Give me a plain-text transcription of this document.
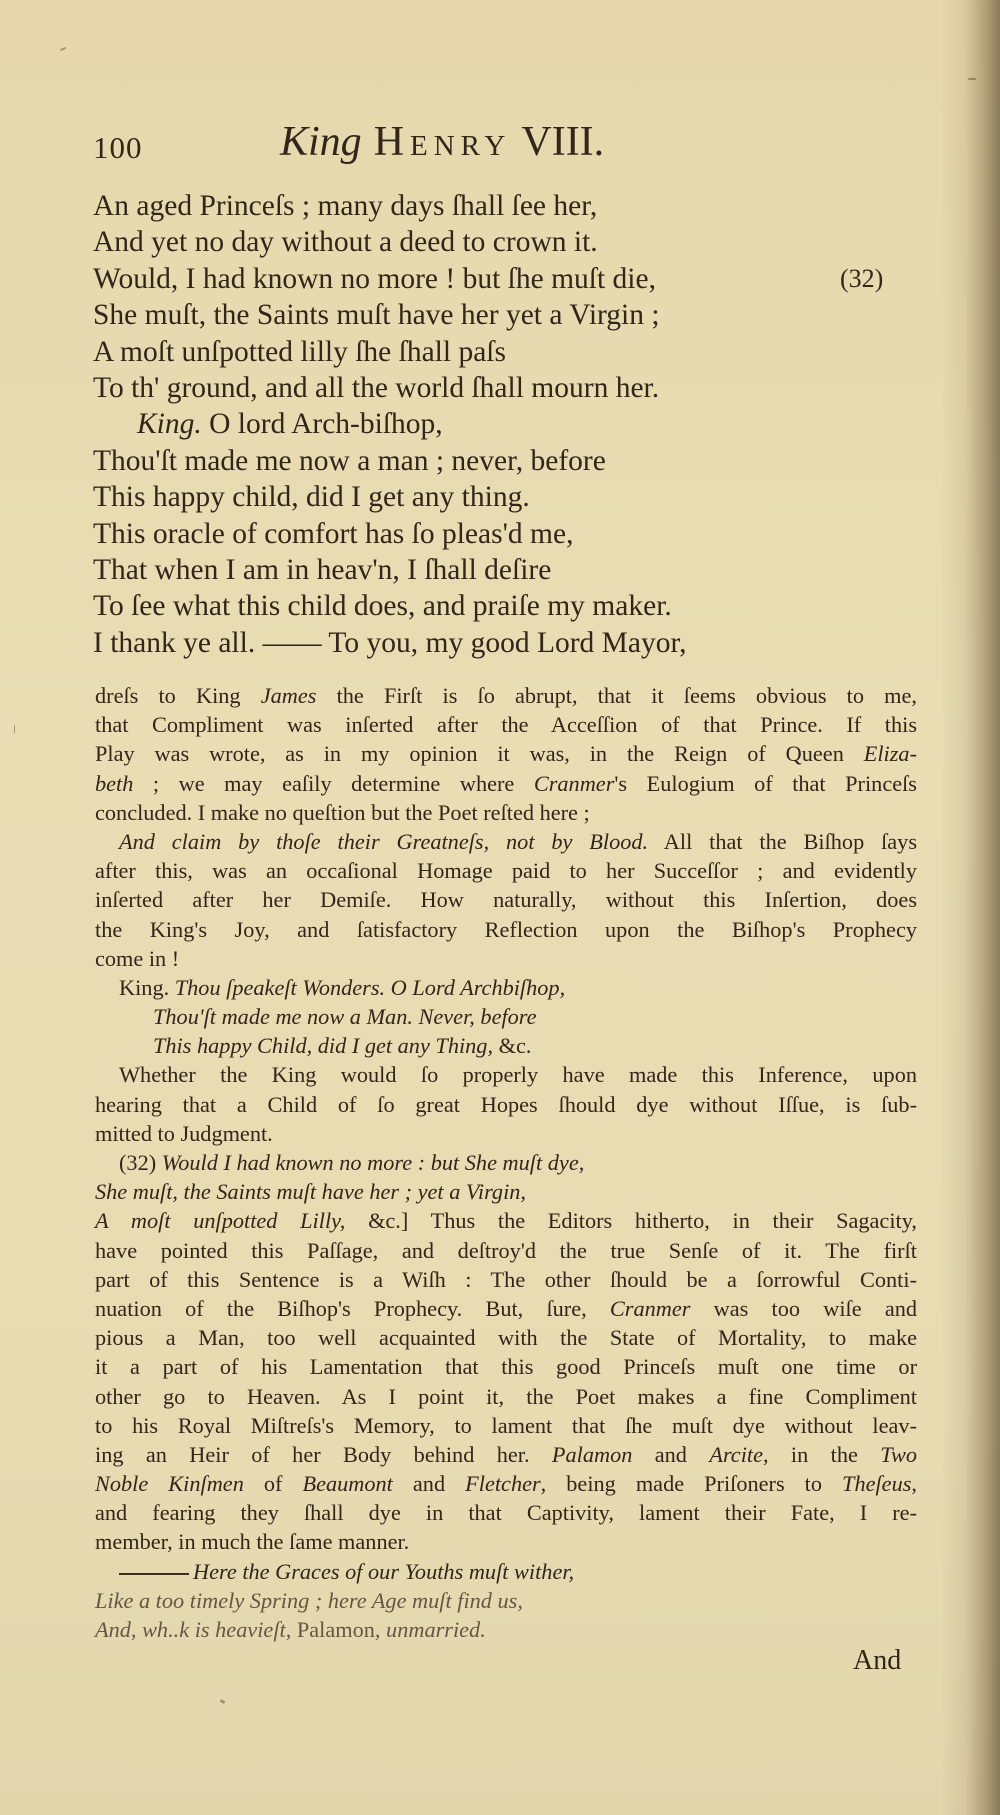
100	King Henry VIII.
An aged Princeſs ; many days ſhall ſee her,
And yet no day without a deed to crown it.
Would, I had known no more ! but ſhe muſt die,	(32)
She muſt, the Saints muſt have her yet a Virgin ;
A moſt unſpotted lilly ſhe ſhall paſs
To th' ground, and all the world ſhall mourn her.
King. O lord Arch-biſhop,
Thou'ſt made me now a man ; never, before
This happy child, did I get any thing.
This oracle of comfort has ſo pleas'd me,
That when I am in heav'n, I ſhall deſire
To ſee what this child does, and praiſe my maker.
I thank ye all. —— To you, my good Lord Mayor,
dreſs to King James the Firſt is ſo abrupt, that it ſeems obvious to me,
that Compliment was inſerted after the Acceſſion of that Prince. If this
Play was wrote, as in my opinion it was, in the Reign of Queen Eliza-
beth ; we may eaſily determine where Cranmer's Eulogium of that Princeſs
concluded. I make no queſtion but the Poet reſted here ;
And claim by thoſe their Greatneſs, not by Blood. All that the Biſhop ſays
after this, was an occaſional Homage paid to her Succeſſor ; and evidently
inſerted after her Demiſe. How naturally, without this Inſertion, does
the King's Joy, and ſatisfactory Reflection upon the Biſhop's Prophecy
come in !
King. Thou ſpeakeſt Wonders. O Lord Archbiſhop,
Thou'ſt made me now a Man. Never, before
This happy Child, did I get any Thing, &c.
Whether the King would ſo properly have made this Inference, upon
hearing that a Child of ſo great Hopes ſhould dye without Iſſue, is ſub-
mitted to Judgment.
(32) Would I had known no more : but She muſt dye,
She muſt, the Saints muſt have her ; yet a Virgin,
A moſt unſpotted Lilly, &c.] Thus the Editors hitherto, in their Sagacity,
have pointed this Paſſage, and deſtroy'd the true Senſe of it. The firſt
part of this Sentence is a Wiſh : The other ſhould be a ſorrowful Conti-
nuation of the Biſhop's Prophecy. But, ſure, Cranmer was too wiſe and
pious a Man, too well acquainted with the State of Mortality, to make
it a part of his Lamentation that this good Princeſs muſt one time or
other go to Heaven. As I point it, the Poet makes a fine Compliment
to his Royal Miſtreſs's Memory, to lament that ſhe muſt dye without leav-
ing an Heir of her Body behind her. Palamon and Arcite, in the Two
Noble Kinſmen of Beaumont and Fletcher, being made Priſoners to Theſeus,
and fearing they ſhall dye in that Captivity, lament their Fate, I re-
member, in much the ſame manner.
Here the Graces of our Youths muſt wither,
Like a too timely Spring ; here Age muſt find us,
And, wh..k is heavieſt, Palamon, unmarried.
And
